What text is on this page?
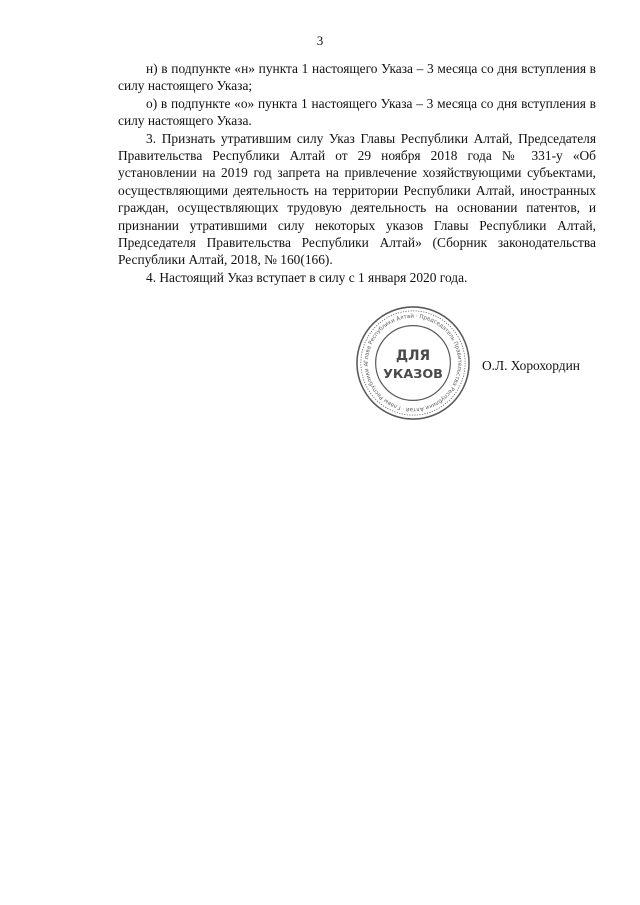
3

н) в подпункте «н» пункта 1 настоящего Указа – 3 месяца со дня вступления в силу настоящего Указа;

о) в подпункте «о» пункта 1 настоящего Указа – 3 месяца со дня вступления в силу настоящего Указа.

3. Признать утратившим силу Указ Главы Республики Алтай, Председателя Правительства Республики Алтай от 29 ноября 2018 года № 331-у «Об установлении на 2019 год запрета на привлечение хозяйствующими субъектами, осуществляющими деятельность на территории Республики Алтай, иностранных граждан, осуществляющих трудовую деятельность на основании патентов, и признании утратившими силу некоторых указов Главы Республики Алтай, Председателя Правительства Республики Алтай» (Сборник законодательства Республики Алтай, 2018, № 160(166).

4. Настоящий Указ вступает в силу с 1 января 2020 года.

Глава Республики Алтай · Председатель Правительства Республики Алтай · Главы Республики А
ДЛЯ
УКАЗОВ
О.Л. Хорохордин
